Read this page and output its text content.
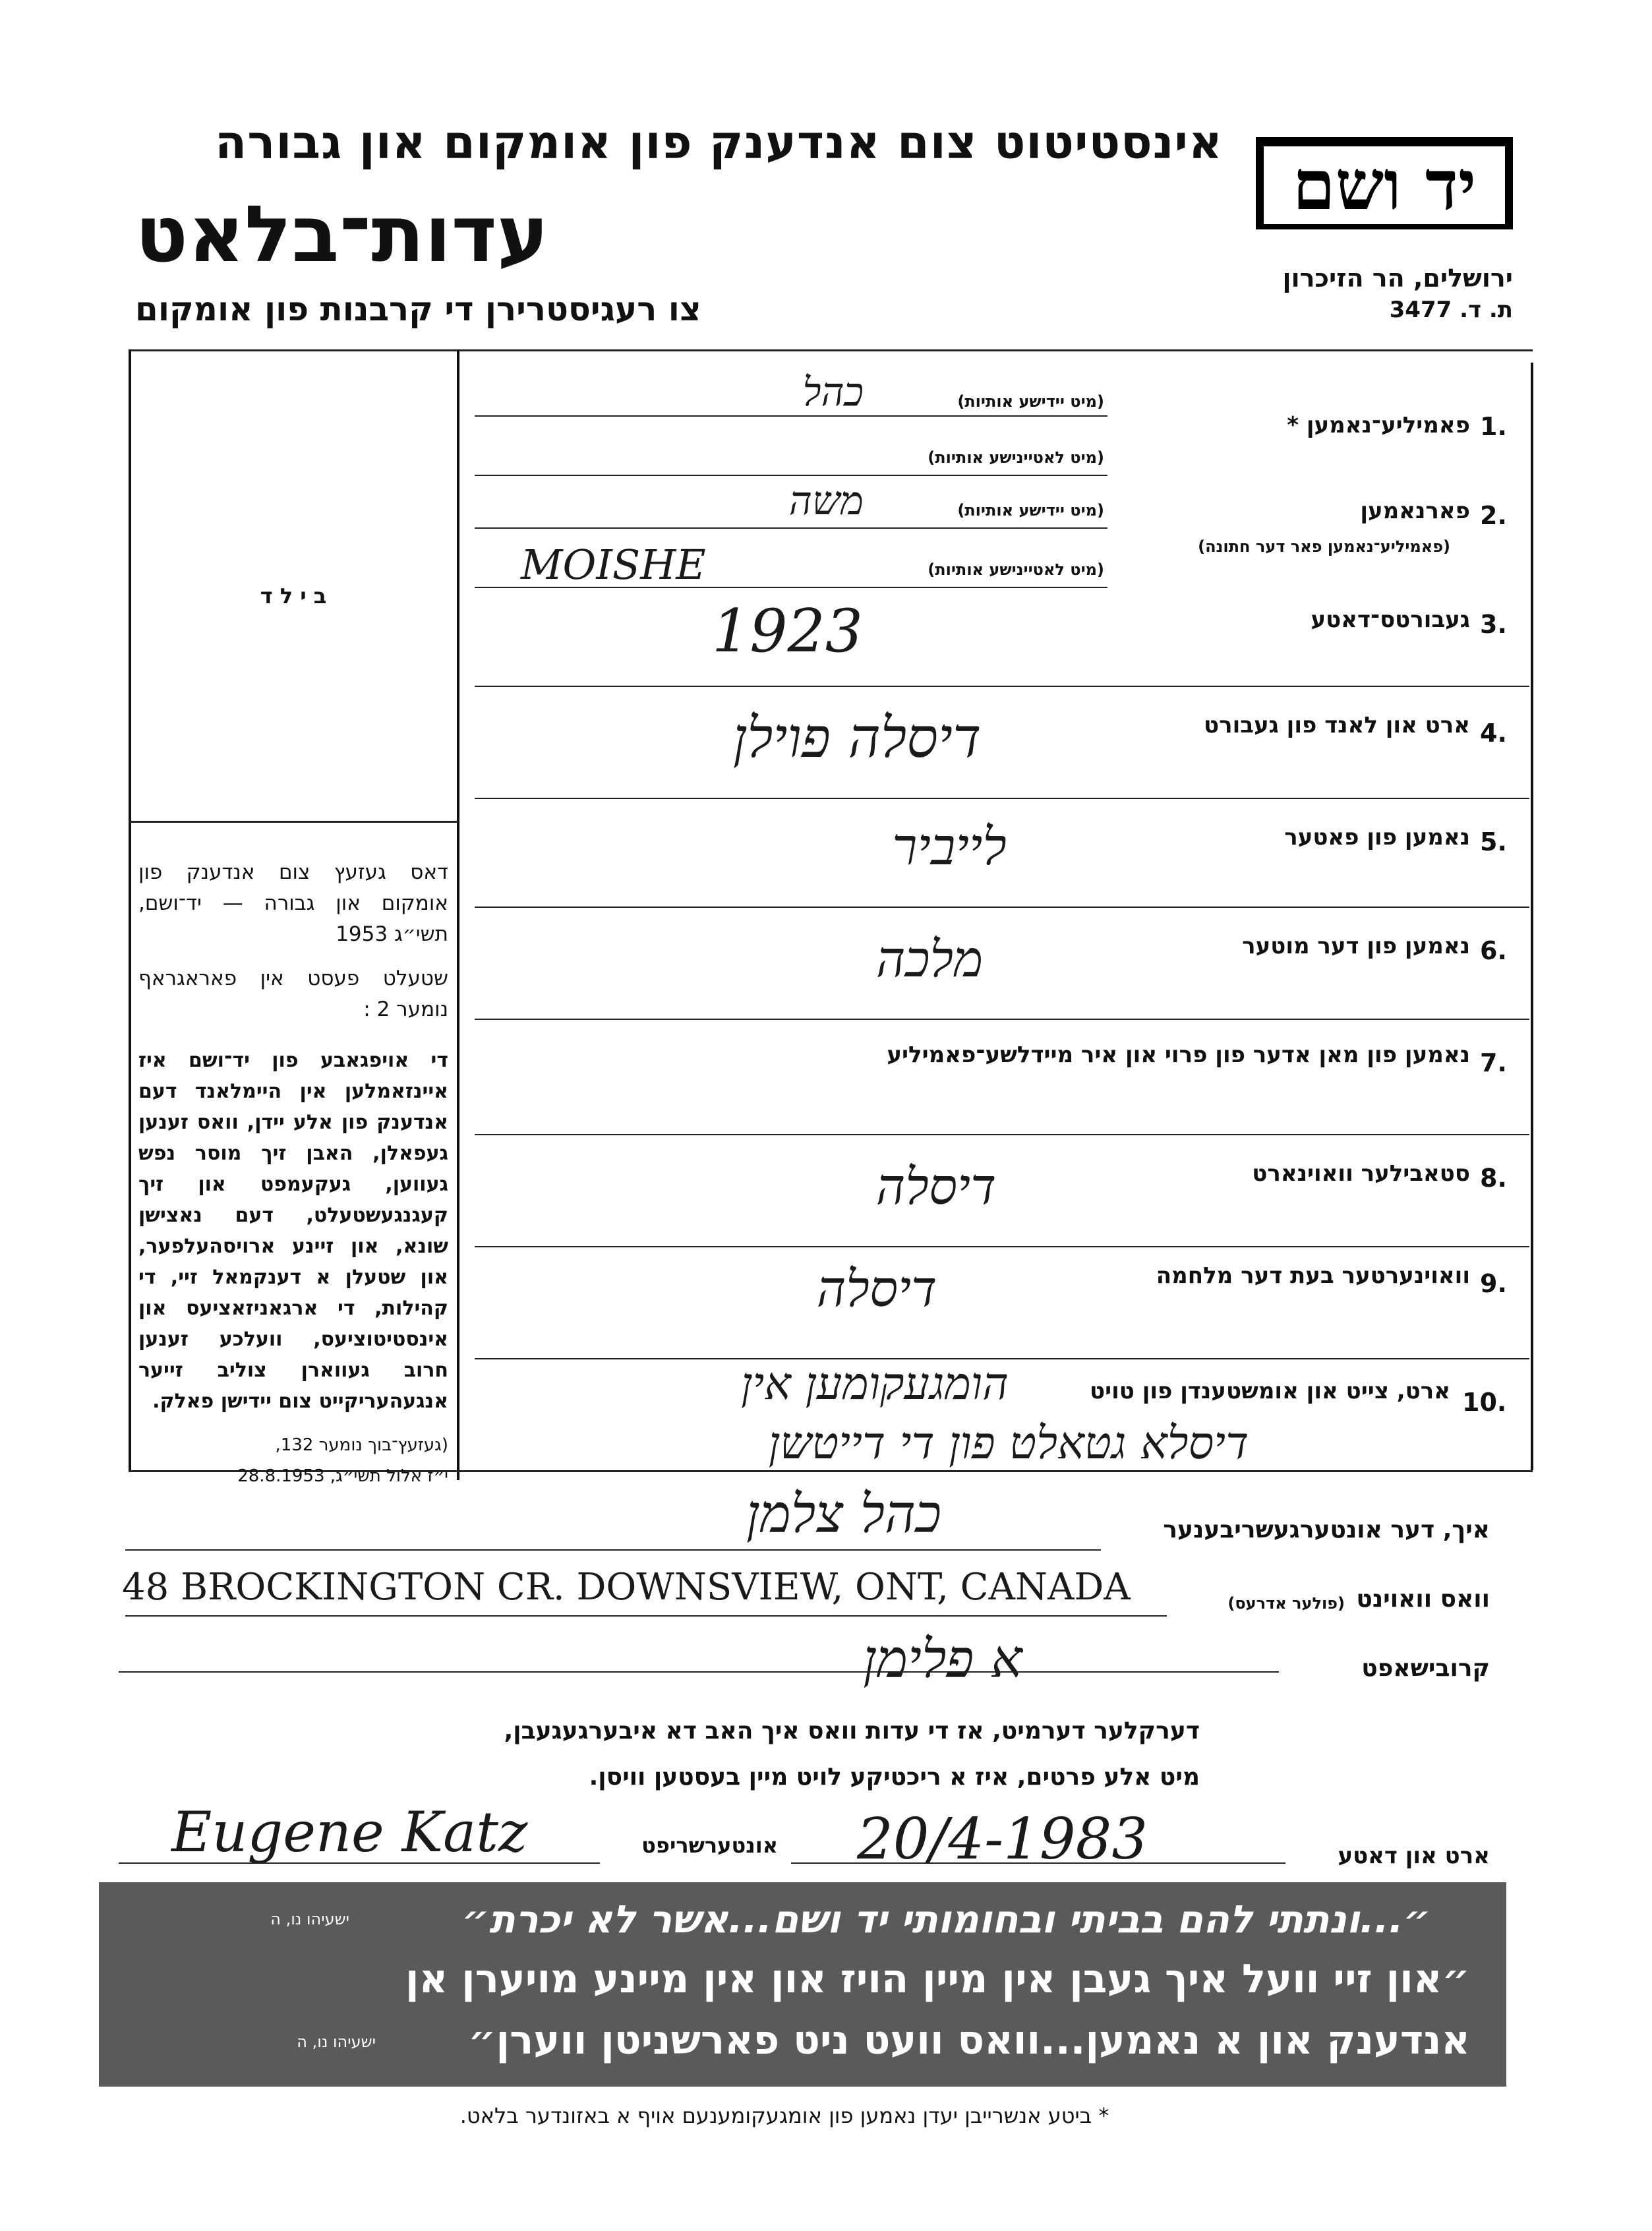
יד ושם
ירושלים, הר הזיכרון
ת. ד. 3477
אינסטיטוט צום אנדענק פון אומקום און גבורה
עדות־בלאט
צו רעגיסטרירן די קרבנות פון אומקום
ב י ל ד
דאס געזעץ צום אנדענק פון אומקום און גבורה — יד־ושם, תשי״ג 1953
שטעלט פעסט אין פאראגראף נומער 2 :
די אויפגאבע פון יד־ושם איז איינזאמלען אין היימלאנד דעם אנדענק פון אלע יידן, וואס זענען געפאלן, האבן זיך מוסר נפש געווען, געקעמפט און זיך קעגנגעשטעלט, דעם נאצישן שונא, און זיינע ארויסהעלפער, און שטעלן א דענקמאל זיי, די קהילות, די ארגאניזאציעס און אינסטיטוציעס, וועלכע זענען חרוב געווארן צוליב זייער אנגעהעריקייט צום יידישן פאלק.
(געזעץ־בוך נומער 132,
י״ז אלול תשי״ג, 28.8.1953
1.
פאמיליע־נאמען *
(מיט יידישע אותיות)
כהל
(מיט לאטיינישע אותיות)
2.
פארנאמען
(פאמיליע־נאמען פאר דער חתונה)
(מיט יידישע אותיות)
משה
(מיט לאטיינישע אותיות)
MOISHE
3.
געבורטס־דאטע
1923
4.
ארט און לאנד פון געבורט
דיסלה פוילן
5.
נאמען פון פאטער
לייביר
6.
נאמען פון דער מוטער
מלכה
7.
נאמען פון מאן אדער פון פרוי און איר מיידלשע־פאמיליע
8.
סטאבילער וואוינארט
דיסלה
9.
וואוינערטער בעת דער מלחמה
דיסלה
10.
ארט, צייט און אומשטענדן פון טויט
הומגעקומען אין
דיסלא גטאלט פון די דייטשן
איך, דער אונטערגעשריבענער
כהל צלמן
וואס וואוינט
(פולער אדרעס)
48 BROCKINGTON CR. DOWNSVIEW, ONT, CANADA
קרובישאפט
א פלימן
דערקלער דערמיט, אז די עדות וואס איך האב דא איבערגעגעבן,
מיט אלע פרטים, איז א ריכטיקע לויט מיין בעסטען וויסן.
ארט און דאטע
20/4-1983
אונטערשריפט
Eugene Katz
״...ונתתי להם בביתי ובחומותי יד ושם...אשר לא יכרת״
ישעיהו נו, ה
״און זיי וועל איך געבן אין מיין הויז און אין מיינע מויערן אן
אנדענק און א נאמען...וואס וועט ניט פארשניטן ווערן״
ישעיהו נו, ה
* ביטע אנשרייבן יעדן נאמען פון אומגעקומענעם אויף א באזונדער בלאט.
